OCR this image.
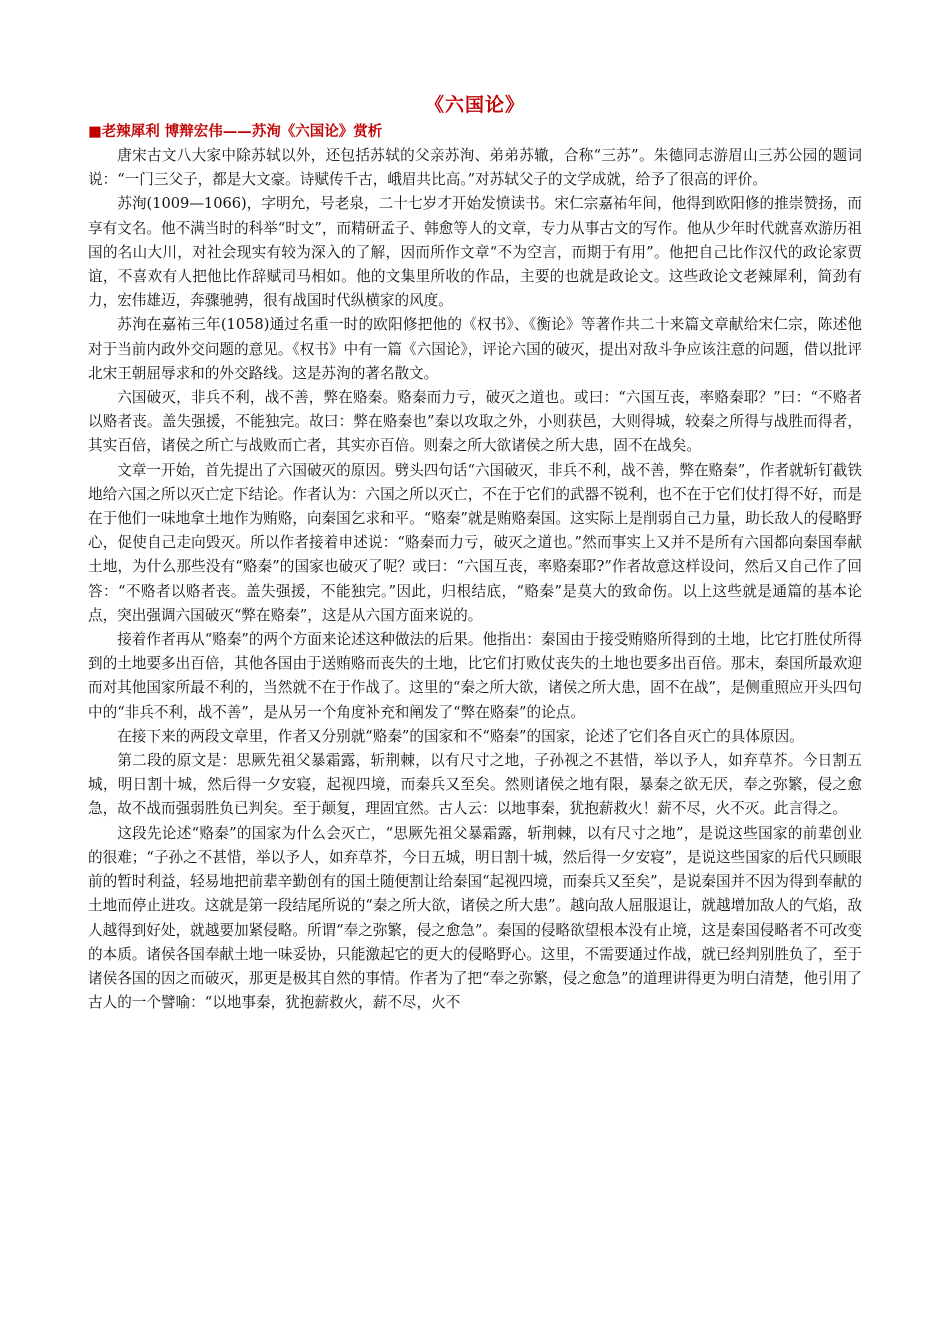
《六国论》
■老辣犀利 博辩宏伟——苏洵《六国论》赏析

唐宋古文八大家中除苏轼以外，还包括苏轼的父亲苏洵、弟弟苏辙，合称“三苏”。朱德同志游眉山三苏公园的题词说：“一门三父子，都是大文豪。诗赋传千古，峨眉共比高。”对苏轼父子的文学成就，给予了很高的评价。

苏洵(1009—1066)，字明允，号老泉，二十七岁才开始发愤读书。宋仁宗嘉祐年间，他得到欧阳修的推崇赞扬，而享有文名。他不满当时的科举“时文”，而精研孟子、韩愈等人的文章，专力从事古文的写作。他从少年时代就喜欢游历祖国的名山大川，对社会现实有较为深入的了解，因而所作文章“不为空言，而期于有用”。他把自己比作汉代的政论家贾谊，不喜欢有人把他比作辞赋司马相如。他的文集里所收的作品，主要的也就是政论文。这些政论文老辣犀利，简劲有力，宏伟雄迈，奔骤驰骋，很有战国时代纵横家的风度。

苏洵在嘉祐三年(1058)通过名重一时的欧阳修把他的《权书》、《衡论》等著作共二十来篇文章献给宋仁宗，陈述他对于当前内政外交问题的意见。《权书》中有一篇《六国论》，评论六国的破灭，提出对敌斗争应该注意的问题，借以批评北宋王朝屈辱求和的外交路线。这是苏洵的著名散文。

六国破灭，非兵不利，战不善，弊在赂秦。赂秦而力亏，破灭之道也。或曰：“六国互丧，率赂秦耶？”曰：“不赂者以赂者丧。盖失强援，不能独完。故曰：弊在赂秦也”秦以攻取之外，小则获邑，大则得城，较秦之所得与战胜而得者，其实百倍，诸侯之所亡与战败而亡者，其实亦百倍。则秦之所大欲诸侯之所大患，固不在战矣。

文章一开始，首先提出了六国破灭的原因。劈头四句话“六国破灭，非兵不利，战不善，弊在赂秦”，作者就斩钉截铁地给六国之所以灭亡定下结论。作者认为：六国之所以灭亡，不在于它们的武器不锐利，也不在于它们仗打得不好，而是在于他们一味地拿土地作为贿赂，向秦国乞求和平。“赂秦”就是贿赂秦国。这实际上是削弱自己力量，助长敌人的侵略野心，促使自己走向毁灭。所以作者接着申述说：“赂秦而力亏，破灭之道也。”然而事实上又并不是所有六国都向秦国奉献土地，为什么那些没有“赂秦”的国家也破灭了呢？或曰：“六国互丧，率赂秦耶?”作者故意这样设问，然后又自己作了回答：“不赂者以赂者丧。盖失强援，不能独完。”因此，归根结底，“赂秦”是莫大的致命伤。以上这些就是通篇的基本论点，突出强调六国破灭“弊在赂秦”，这是从六国方面来说的。

接着作者再从“赂秦”的两个方面来论述这种做法的后果。他指出：秦国由于接受贿赂所得到的土地，比它打胜仗所得到的土地要多出百倍，其他各国由于送贿赂而丧失的土地，比它们打败仗丧失的土地也要多出百倍。那末，秦国所最欢迎而对其他国家所最不利的，当然就不在于作战了。这里的“秦之所大欲，诸侯之所大患，固不在战”，是侧重照应开头四句中的“非兵不利，战不善”，是从另一个角度补充和阐发了“弊在赂秦”的论点。

在接下来的两段文章里，作者又分别就“赂秦”的国家和不“赂秦”的国家，论述了它们各自灭亡的具体原因。

第二段的原文是：思厥先祖父暴霜露，斩荆棘，以有尺寸之地，子孙视之不甚惜，举以予人，如弃草芥。今日割五城，明日割十城，然后得一夕安寝，起视四境，而秦兵又至矣。然则诸侯之地有限，暴秦之欲无厌，奉之弥繁，侵之愈急，故不战而强弱胜负已判矣。至于颠复，理固宜然。古人云：以地事秦，犹抱薪救火！薪不尽，火不灭。此言得之。

这段先论述“赂秦”的国家为什么会灭亡，“思厥先祖父暴霜露，斩荆棘，以有尺寸之地”，是说这些国家的前辈创业的很难；“子孙之不甚惜，举以予人，如弃草芥，今日五城，明日割十城，然后得一夕安寝”，是说这些国家的后代只顾眼前的暂时利益，轻易地把前辈辛勤创有的国土随便割让给秦国“起视四境，而秦兵又至矣”，是说秦国并不因为得到奉献的土地而停止进攻。这就是第一段结尾所说的“秦之所大欲，诸侯之所大患”。越向敌人屈服退让，就越增加敌人的气焰，敌人越得到好处，就越要加紧侵略。所谓“奉之弥繁，侵之愈急”。秦国的侵略欲望根本没有止境，这是秦国侵略者不可改变的本质。诸侯各国奉献土地一味妥协，只能激起它的更大的侵略野心。这里，不需要通过作战，就已经判别胜负了，至于诸侯各国的因之而破灭，那更是极其自然的事情。作者为了把“奉之弥繁，侵之愈急”的道理讲得更为明白清楚，他引用了古人的一个譬喻：“以地事秦，犹抱薪救火，薪不尽，火不
